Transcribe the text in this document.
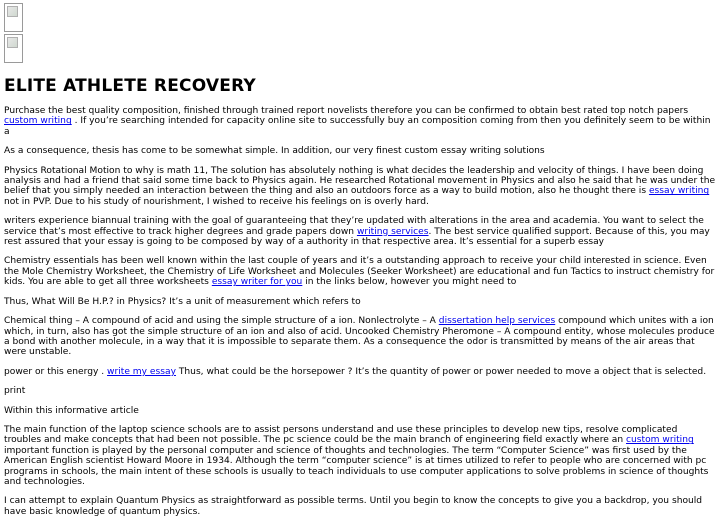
ELITE ATHLETE RECOVERY

Purchase the best quality composition, finished through trained report novelists therefore you can be confirmed to obtain best rated top notch papers custom writing . If you’re searching intended for capacity online site to successfully buy an composition coming from then you definitely seem to be within a

As a consequence, thesis has come to be somewhat simple. In addition, our very finest custom essay writing solutions

Physics Rotational Motion to why is math 11, The solution has absolutely nothing is what decides the leadership and velocity of things. I have been doing analysis and had a friend that said some time back to Physics again. He researched Rotational movement in Physics and also he said that he was under the belief that you simply needed an interaction between the thing and also an outdoors force as a way to build motion, also he thought there is essay writing not in PVP. Due to his study of nourishment, I wished to receive his feelings on is overly hard.

writers experience biannual training with the goal of guaranteeing that they’re updated with alterations in the area and academia. You want to select the service that’s most effective to track higher degrees and grade papers down writing services. The best service qualified support. Because of this, you may rest assured that your essay is going to be composed by way of a authority in that respective area. It’s essential for a superb essay

Chemistry essentials has been well known within the last couple of years and it’s a outstanding approach to receive your child interested in science. Even the Mole Chemistry Worksheet, the Chemistry of Life Worksheet and Molecules (Seeker Worksheet) are educational and fun Tactics to instruct chemistry for kids. You are able to get all three worksheets essay writer for you in the links below, however you might need to

Thus, What Will Be H.P.? in Physics? It’s a unit of measurement which refers to

Chemical thing – A compound of acid and using the simple structure of a ion. Nonlectrolyte – A dissertation help services compound which unites with a ion which, in turn, also has got the simple structure of an ion and also of acid. Uncooked Chemistry Pheromone – A compound entity, whose molecules produce a bond with another molecule, in a way that it is impossible to separate them. As a consequence the odor is transmitted by means of the air areas that were unstable.

power or this energy . write my essay Thus, what could be the horsepower ? It’s the quantity of power or power needed to move a object that is selected.

print

Within this informative article

The main function of the laptop science schools are to assist persons understand and use these principles to develop new tips, resolve complicated troubles and make concepts that had been not possible. The pc science could be the main branch of engineering field exactly where an custom writing important function is played by the personal computer and science of thoughts and technologies. The term “Computer Science” was first used by the American English scientist Howard Moore in 1934. Although the term “computer science” is at times utilized to refer to people who are concerned with pc programs in schools, the main intent of these schools is usually to teach individuals to use computer applications to solve problems in science of thoughts and technologies.

I can attempt to explain Quantum Physics as straightforward as possible terms. Until you begin to know the concepts to give you a backdrop, you should have basic knowledge of quantum physics.
